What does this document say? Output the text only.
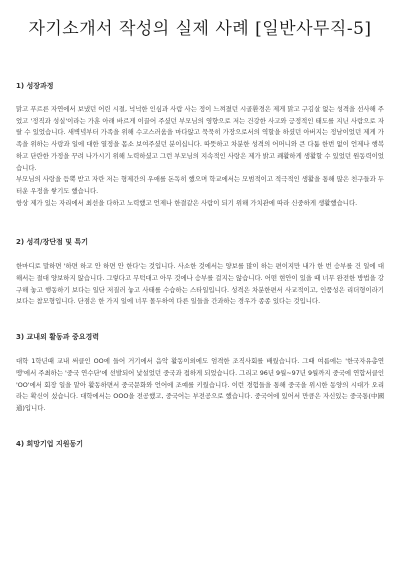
자기소개서 작성의 실제 사례 [일반사무직-5]
1) 성장과정

맑고 푸르른 자연에서 보냈던 어린 시절, 넉넉한 인심과 사람 사는 정이 느껴졌던 시골환경은 제게 맑고 구김살 없는 성격을 선사해 주었고 '정직과 성실'이라는 가훈 아래 바르게 이끌어 주셨던 부모님의 영향으로 저는 건강한 사고와 긍정적인 태도를 지닌 사람으로 자랄 수 있었습니다. 새벽녘부터 가족을 위해 수고스러움을 마다않고 묵묵히 가장으로서의 역할을 하셨던 아버지는 정남이었던 제게 가족을 위하는 사랑과 일에 대한 열정을 몸소 보여주셨던 분이십니다. 따뜻하고 차분한 성격의 어머니와 큰 다툼 한번 없이 언제나 행복하고 단란한 가정을 꾸려 나가시기 위해 노력하셨고 그런 부모님의 지속적인 사랑은 제가 밝고 쾌활하게 생활할 수 있었던 원동력이었습니다.

부모님의 사랑을 듬뿍 받고 자란 저는 형제간의 우애를 돈독히 했으며 학교에서는 모범적이고 적극적인 생활을 통해 많은 친구들과 두터운 우정을 쌓기도 했습니다.

항상 제가 있는 자리에서 최선을 다하고 노력했고 언제나 한결같은 사람이 되기 위해 가치관에 따라 신중하게 생활했습니다.

2) 성격/장단점 및 특기

한마디로 말하면 '하면 하고 안 하면 안 한다'는 것입니다. 사소한 것에서는 양보를 많이 하는 편이지만 내가 한 번 승부를 건 일에 대해서는 절대 양보하지 않습니다. 그렇다고 무턱대고 아무 것에나 승부를 걸지는 않습니다. 어떤 현안이 있을 때 너무 완전한 방법을 강구해 놓고 행동하기 보다는 일단 저질러 놓고 사태를 수습하는 스타일입니다. 성격은 차분한편서 사교적이고, 인품성은 리더형이라기보다는 참모형입니다. 단점은 한 가지 일에 너무 몰두하여 다른 일들을 간과하는 경우가 종종 있다는 것입니다.

3) 교내외 활동과 중요경력

대학 1학년때 교내 써클인 OO에 들어 거기에서 음악 활동이외에도 엄격한 조직사회를 배웠습니다. 그때 여름에는 '한국자유총연맹'에서 주최하는 '중국 연수단'에 선발되어 낯설었던 중국과 접하게 되었습니다. 그리고 96년 9월~97년 9월까지 중국에 연합서클인 'OO'에서 회장 일을 맡아 활동하면서 중국문화와 언어에 조예를 키웠습니다. 이런 경험들을 통해 중국을 위시한 동양의 시대가 오리라는 확신이 섰습니다. 대학에서는 OOO을 전공했고, 중국어는 부전공으로 했습니다. 중국어에 있어서 만큼은 자신있는 중국통(中國通)입니다.

4) 희망기업 지원동기
